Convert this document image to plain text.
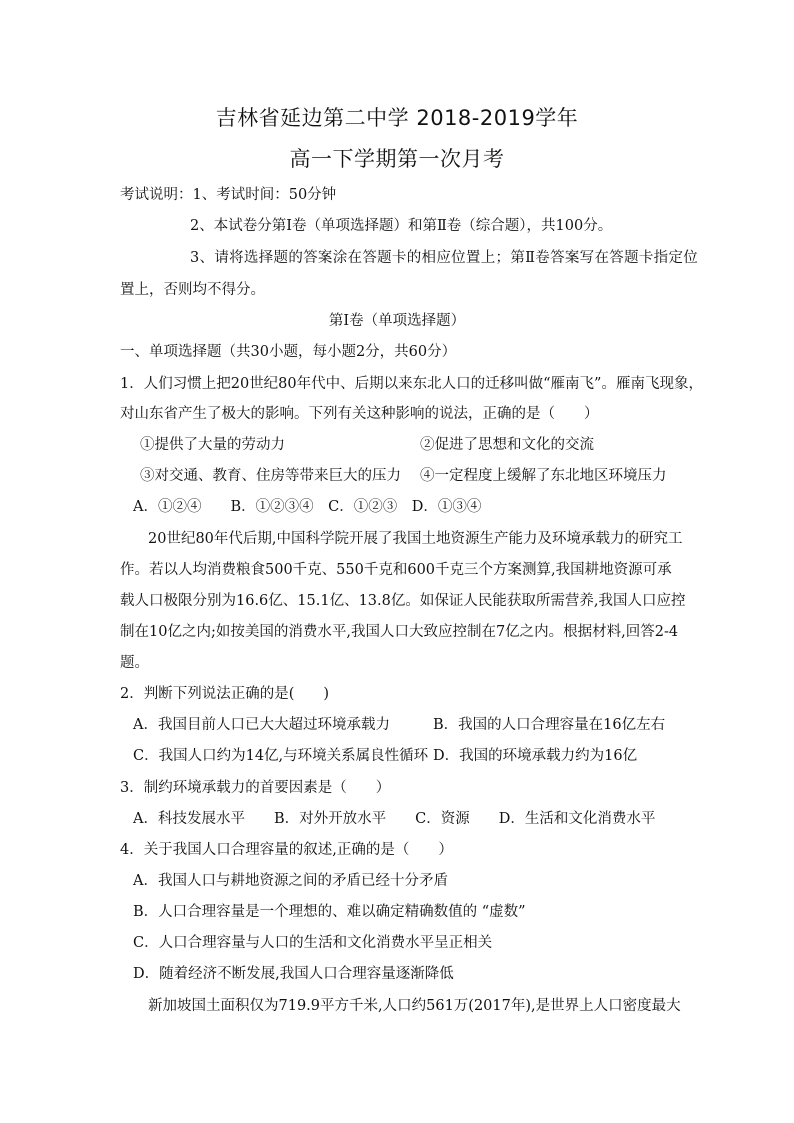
吉林省延边第二中学 2018-2019学年
高一下学期第一次月考
考试说明：1、考试时间：50分钟
2、本试卷分第Ⅰ卷（单项选择题）和第Ⅱ卷（综合题），共100分。
3、请将选择题的答案涂在答题卡的相应位置上；第Ⅱ卷答案写在答题卡指定位
置上，否则均不得分。
第Ⅰ卷（单项选择题）
一、单项选择题（共30小题，每小题2分，共60分）
1．人们习惯上把20世纪80年代中、后期以来东北人口的迁移叫做“雁南飞”。雁南飞现象，
对山东省产生了极大的影响。下列有关这种影响的说法，正确的是（　　）
①提供了大量的劳动力	②促进了思想和文化的交流
③对交通、教育、住房等带来巨大的压力 ④一定程度上缓解了东北地区环境压力
A．①②④　　B．①②③④　C．①②③　D．①③④
20世纪80年代后期,中国科学院开展了我国土地资源生产能力及环境承载力的研究工
作。若以人均消费粮食500千克、550千克和600千克三个方案测算,我国耕地资源可承
载人口极限分别为16.6亿、15.1亿、13.8亿。如保证人民能获取所需营养,我国人口应控
制在10亿之内;如按美国的消费水平,我国人口大致应控制在7亿之内。根据材料,回答2-4
题。
2．判断下列说法正确的是(　　)
A．我国目前人口已大大超过环境承载力	B．我国的人口合理容量在16亿左右
C．我国人口约为14亿,与环境关系属良性循环 D．我国的环境承载力约为16亿
3．制约环境承载力的首要因素是（　　）
A．科技发展水平　　B．对外开放水平　　C．资源　　D．生活和文化消费水平
4．关于我国人口合理容量的叙述,正确的是（　　）
A．我国人口与耕地资源之间的矛盾已经十分矛盾
B．人口合理容量是一个理想的、难以确定精确数值的 “虚数”
C．人口合理容量与人口的生活和文化消费水平呈正相关
D．随着经济不断发展,我国人口合理容量逐渐降低
新加坡国土面积仅为719.9平方千米,人口约561万(2017年),是世界上人口密度最大
